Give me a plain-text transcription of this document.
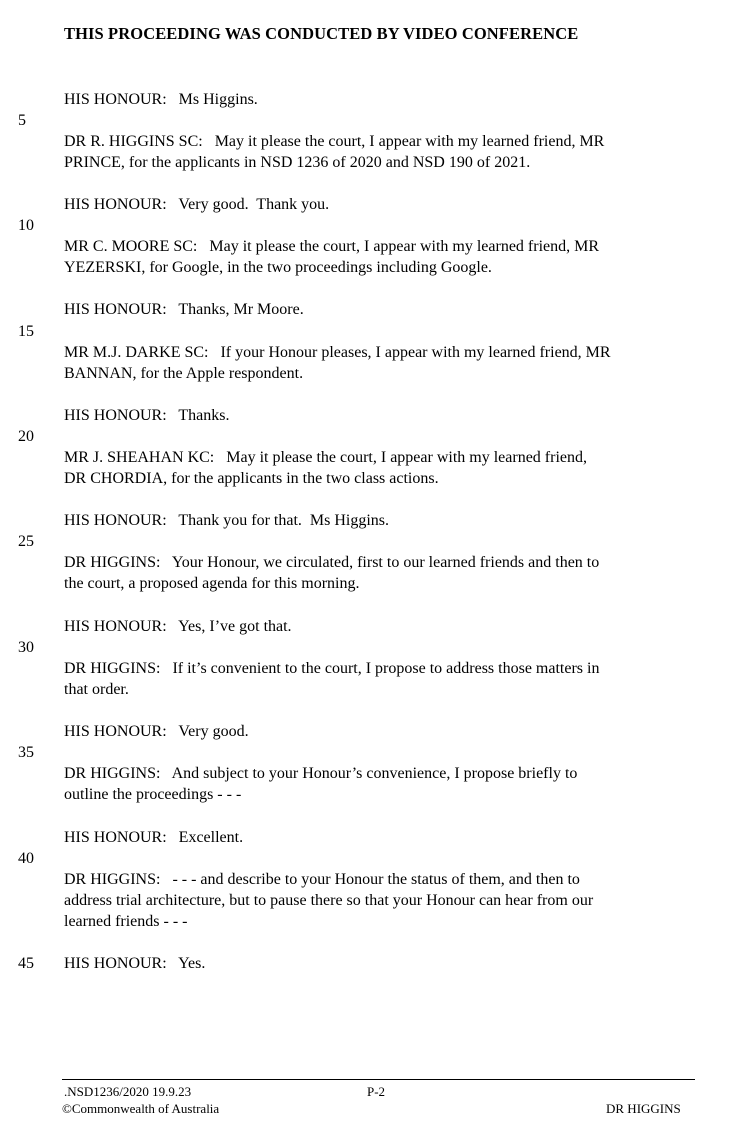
THIS PROCEEDING WAS CONDUCTED BY VIDEO CONFERENCE
HIS HONOUR:   Ms Higgins.
DR R. HIGGINS SC:   May it please the court, I appear with my learned friend, MR
PRINCE, for the applicants in NSD 1236 of 2020 and NSD 190 of 2021.
HIS HONOUR:   Very good.  Thank you.
MR C. MOORE SC:   May it please the court, I appear with my learned friend, MR
YEZERSKI, for Google, in the two proceedings including Google.
HIS HONOUR:   Thanks, Mr Moore.
MR M.J. DARKE SC:   If your Honour pleases, I appear with my learned friend, MR
BANNAN, for the Apple respondent.
HIS HONOUR:   Thanks.
MR J. SHEAHAN KC:   May it please the court, I appear with my learned friend,
DR CHORDIA, for the applicants in the two class actions.
HIS HONOUR:   Thank you for that.  Ms Higgins.
DR HIGGINS:   Your Honour, we circulated, first to our learned friends and then to
the court, a proposed agenda for this morning.
HIS HONOUR:   Yes, I’ve got that.
DR HIGGINS:   If it’s convenient to the court, I propose to address those matters in
that order.
HIS HONOUR:   Very good.
DR HIGGINS:   And subject to your Honour’s convenience, I propose briefly to
outline the proceedings - - -
HIS HONOUR:   Excellent.
DR HIGGINS:   - - - and describe to your Honour the status of them, and then to
address trial architecture, but to pause there so that your Honour can hear from our
learned friends - - -
HIS HONOUR:   Yes.
5
10
15
20
25
30
35
40
45
.NSD1236/2020 19.9.23
©Commonwealth of Australia
P-2
DR HIGGINS
